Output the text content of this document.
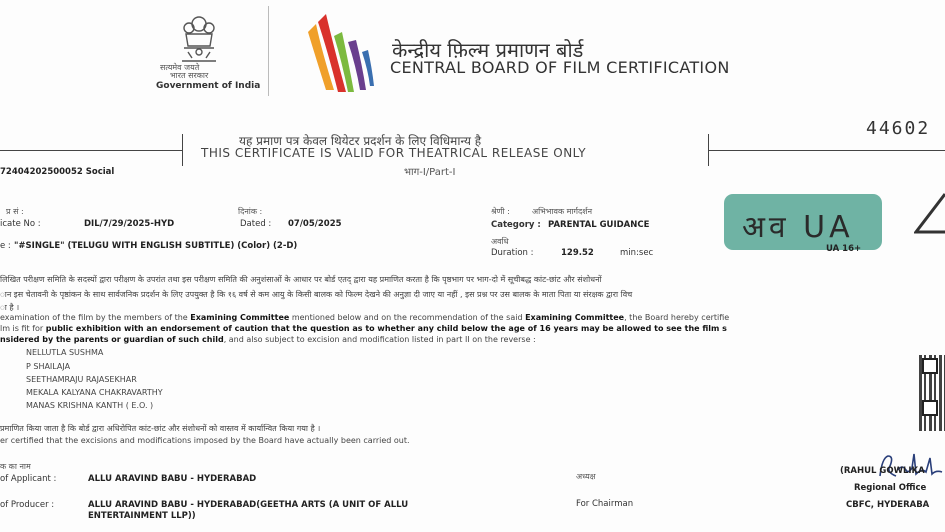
सत्यमेव जयते
भारत सरकार
Government of India
केन्द्रीय फ़िल्म प्रमाणन बोर्ड
CENTRAL BOARD OF FILM CERTIFICATION
44602
यह प्रमाण पत्र केवल थियेटर प्रदर्शन के लिए विधिमान्य है
THIS CERTIFICATE IS VALID FOR THEATRICAL RELEASE ONLY
भाग-I/Part-I
72404202500052 Social
प्र सं :
icate No :	DIL/7/29/2025-HYD
दिनांक :
Dated : 07/05/2025
श्रेणी :	अभिभावक मार्गदर्शन
Category : PARENTAL GUIDANCE
अवधि
Duration :	129.52	min:sec
e : "#SINGLE" (TELUGU WITH ENGLISH SUBTITLE) (Color) (2-D)
अव UA
UA 16+
लिखित परीक्षण समिति के सदस्यों द्वारा परीक्षण के उपरांत तथा इस परीक्षण समिति की अनुशंसाओं के आधार पर बोर्ड एतद् द्वारा यह प्रमाणित करता है कि पृष्ठभाग पर भाग-दो में सूचीबद्ध कांट-छांट और संशोधनों
ान इस चेतावनी के पृष्ठांकन के साथ सार्वजनिक प्रदर्शन के लिए उपयुक्त है कि १६ वर्ष से कम आयु के किसी बालक को फिल्म देखने की अनुज्ञा दी जाए या नहीं , इस प्रश्न पर उस बालक के माता पिता या संरक्षक द्वारा विच
ा है ।
examination of the film by the members of the Examining Committee mentioned below and on the recommendation of the said Examining Committee, the Board hereby certifie
lm is fit for public exhibition with an endorsement of caution that the question as to whether any child below the age of 16 years may be allowed to see the film s
nsidered by the parents or guardian of such child, and also subject to excision and modification listed in part II on the reverse :
NELLUTLA SUSHMA
P SHAILAJA
SEETHAMRAJU RAJASEKHAR
MEKALA KALYANA CHAKRAVARTHY
MANAS KRISHNA KANTH ( E.O. )
प्रमाणित किया जाता है कि बोर्ड द्वारा अधिरोपित कांट-छांट और संशोधनों को वास्तव में कार्यान्वित किया गया है ।
er certified that the excisions and modifications imposed by the Board have actually been carried out.
क का नाम
of Applicant :	ALLU ARAVIND BABU - HYDERABAD
of Producer :	ALLU ARAVIND BABU - HYDERABAD(GEETHA ARTS (A UNIT OF ALLU
ENTERTAINMENT LLP))
अध्यक्ष
For Chairman
(RAHUL GOWLIKA
Regional Office
CBFC, HYDERABA
